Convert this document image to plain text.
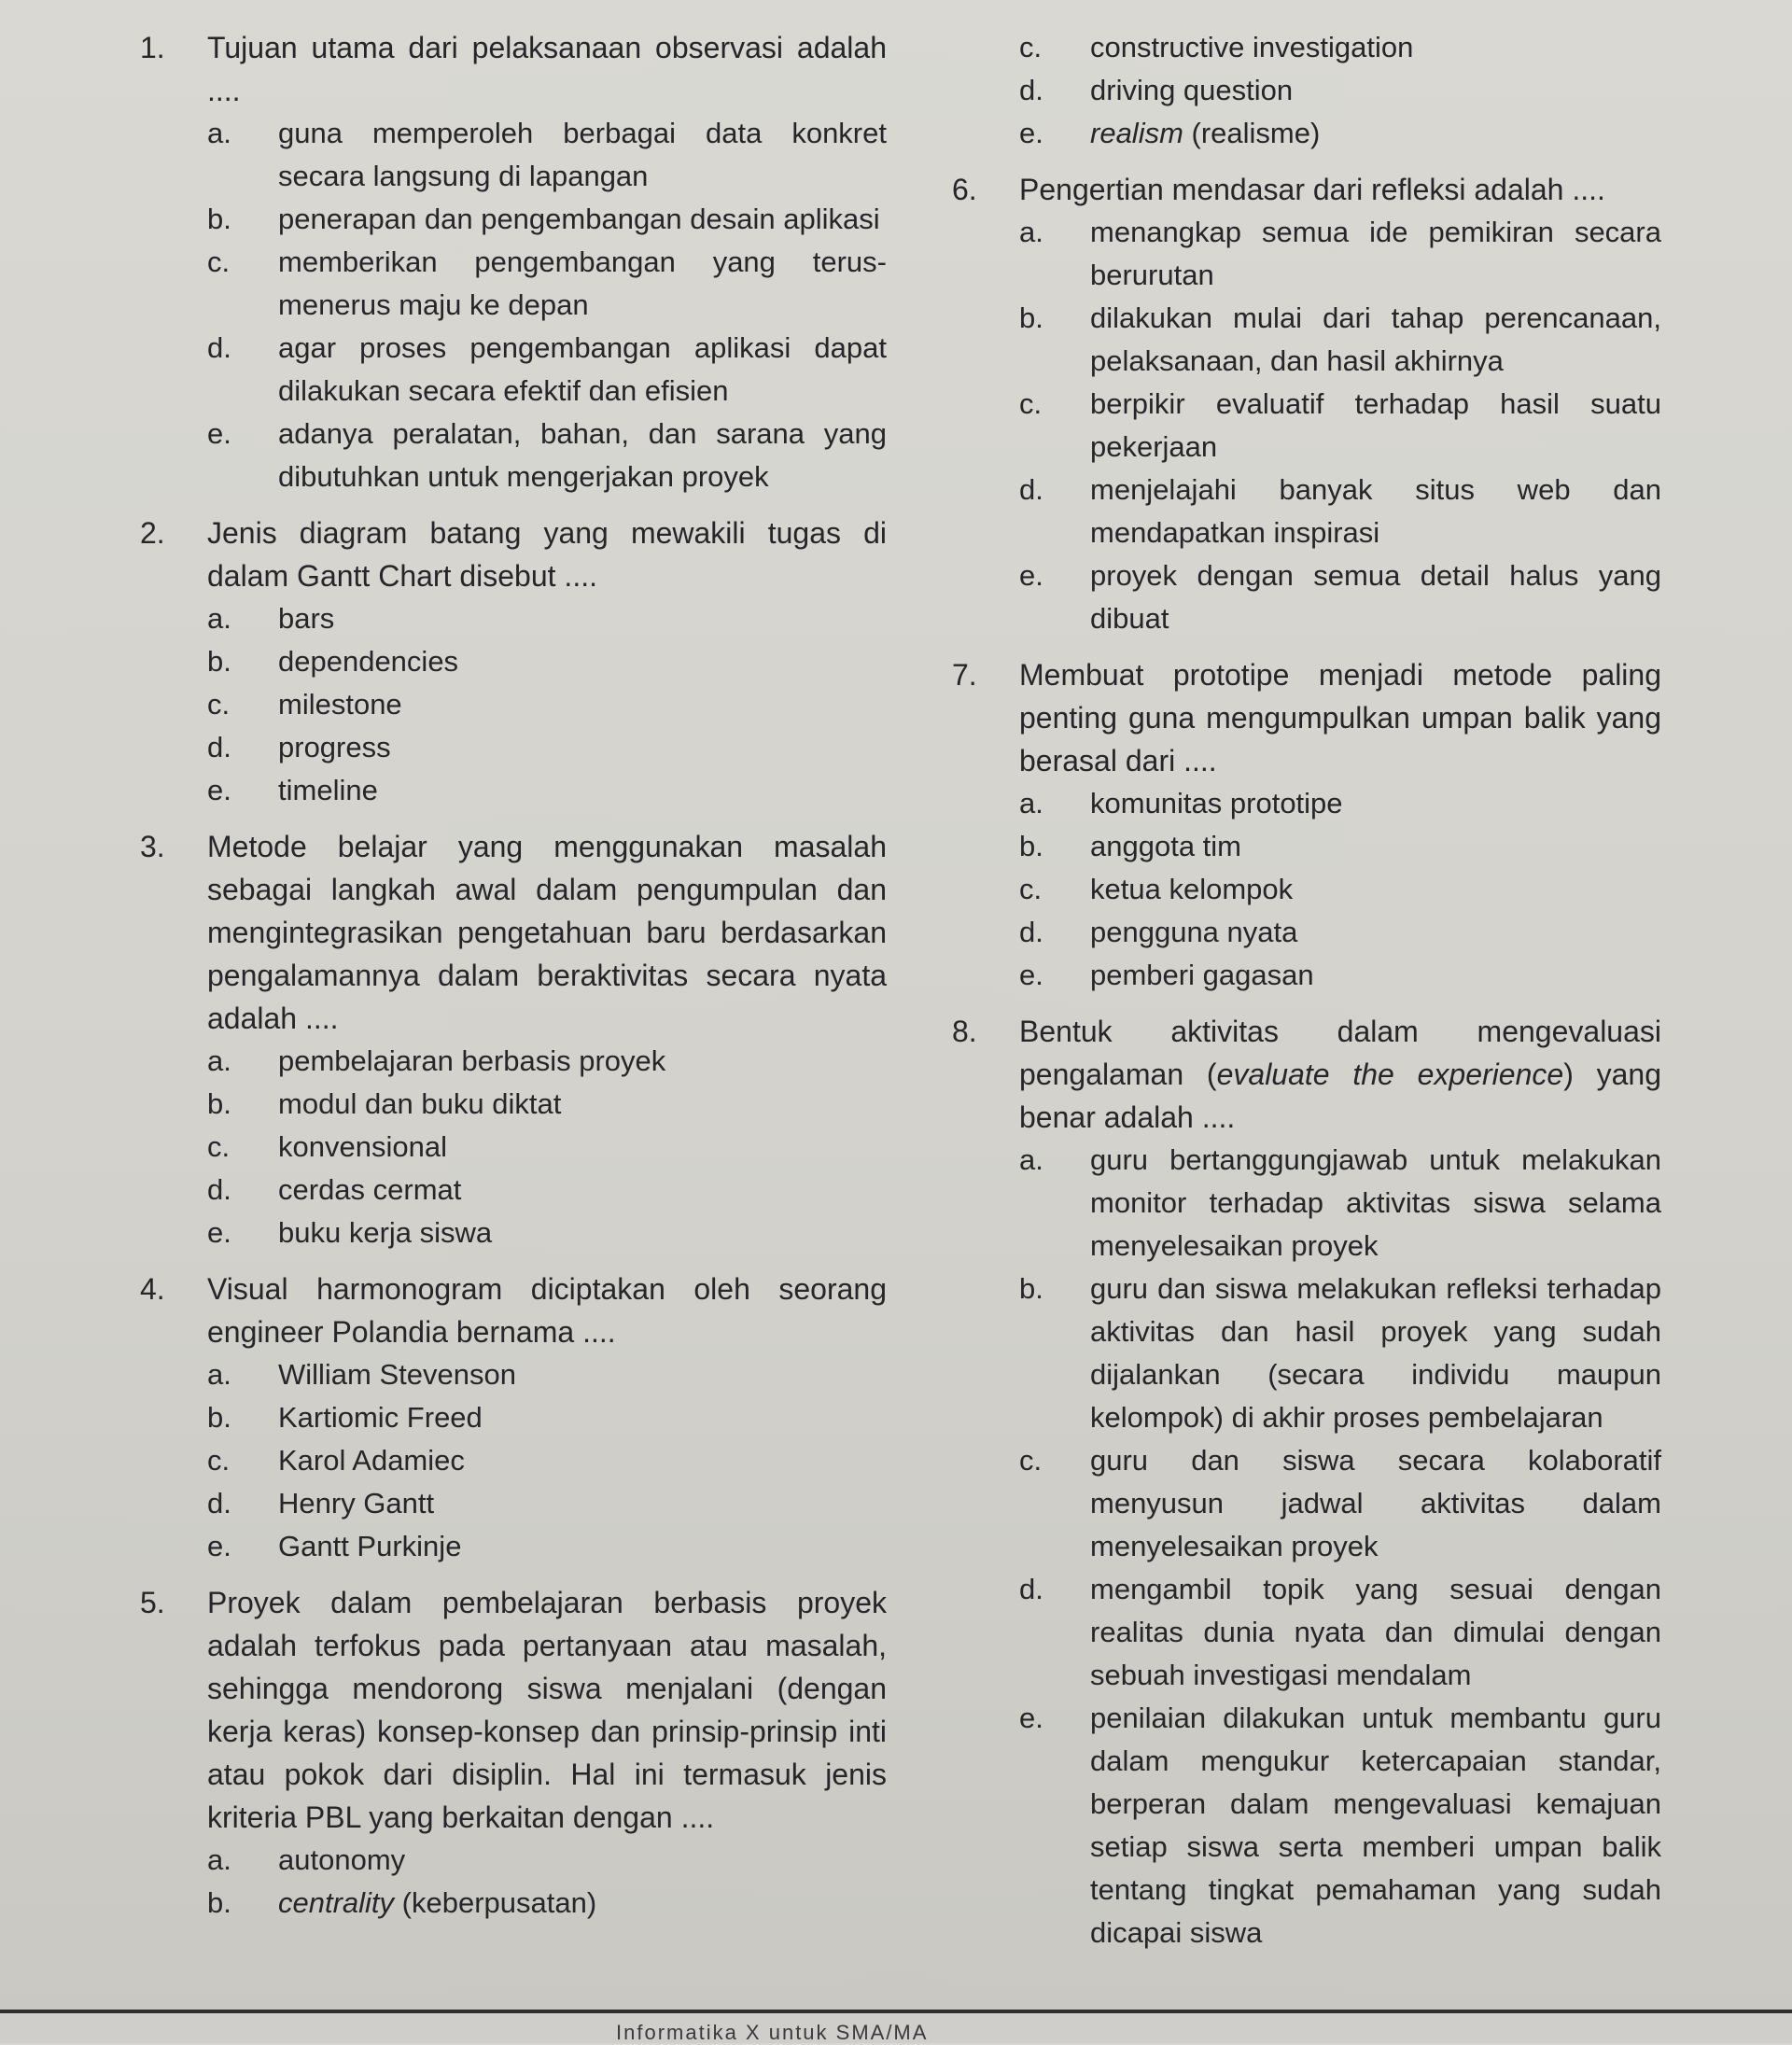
1.	Tujuan utama dari pelaksanaan observasi adalah ....
a.	guna memperoleh berbagai data konkret secara langsung di lapangan
b.	penerapan dan pengembangan desain aplikasi
c.	memberikan pengembangan yang terus-menerus maju ke depan
d.	agar proses pengembangan aplikasi dapat dilakukan secara efektif dan efisien
e.	adanya peralatan, bahan, dan sarana yang dibutuhkan untuk mengerjakan proyek
2.	Jenis diagram batang yang mewakili tugas di dalam Gantt Chart disebut ....
a.	bars
b.	dependencies
c.	milestone
d.	progress
e.	timeline
3.	Metode belajar yang menggunakan masalah sebagai langkah awal dalam pengumpulan dan mengintegrasikan pengetahuan baru berdasarkan pengalamannya dalam beraktivitas secara nyata adalah ....
a.	pembelajaran berbasis proyek
b.	modul dan buku diktat
c.	konvensional
d.	cerdas cermat
e.	buku kerja siswa
4.	Visual harmonogram diciptakan oleh seorang engineer Polandia bernama ....
a.	William Stevenson
b.	Kartiomic Freed
c.	Karol Adamiec
d.	Henry Gantt
e.	Gantt Purkinje
5.	Proyek dalam pembelajaran berbasis proyek adalah terfokus pada pertanyaan atau masalah, sehingga mendorong siswa menjalani (dengan kerja keras) konsep-konsep dan prinsip-prinsip inti atau pokok dari disiplin. Hal ini termasuk jenis kriteria PBL yang berkaitan dengan ....
a.	autonomy
b.	centrality (keberpusatan)
c.	constructive investigation
d.	driving question
e.	realism (realisme)
6.	Pengertian mendasar dari refleksi adalah ....
a.	menangkap semua ide pemikiran secara berurutan
b.	dilakukan mulai dari tahap perencanaan, pelaksanaan, dan hasil akhirnya
c.	berpikir evaluatif terhadap hasil suatu pekerjaan
d.	menjelajahi banyak situs web dan mendapatkan inspirasi
e.	proyek dengan semua detail halus yang dibuat
7.	Membuat prototipe menjadi metode paling penting guna mengumpulkan umpan balik yang berasal dari ....
a.	komunitas prototipe
b.	anggota tim
c.	ketua kelompok
d.	pengguna nyata
e.	pemberi gagasan
8.	Bentuk aktivitas dalam mengevaluasi pengalaman (evaluate the experience) yang benar adalah ....
a.	guru bertanggungjawab untuk melakukan monitor terhadap aktivitas siswa selama menyelesaikan proyek
b.	guru dan siswa melakukan refleksi terhadap aktivitas dan hasil proyek yang sudah dijalankan (secara individu maupun kelompok) di akhir proses pembelajaran
c.	guru dan siswa secara kolaboratif menyusun jadwal aktivitas dalam menyelesaikan proyek
d.	mengambil topik yang sesuai dengan realitas dunia nyata dan dimulai dengan sebuah investigasi mendalam
e.	penilaian dilakukan untuk membantu guru dalam mengukur ketercapaian standar, berperan dalam mengevaluasi kemajuan setiap siswa serta memberi umpan balik tentang tingkat pemahaman yang sudah dicapai siswa
Informatika X untuk SMA/MA
